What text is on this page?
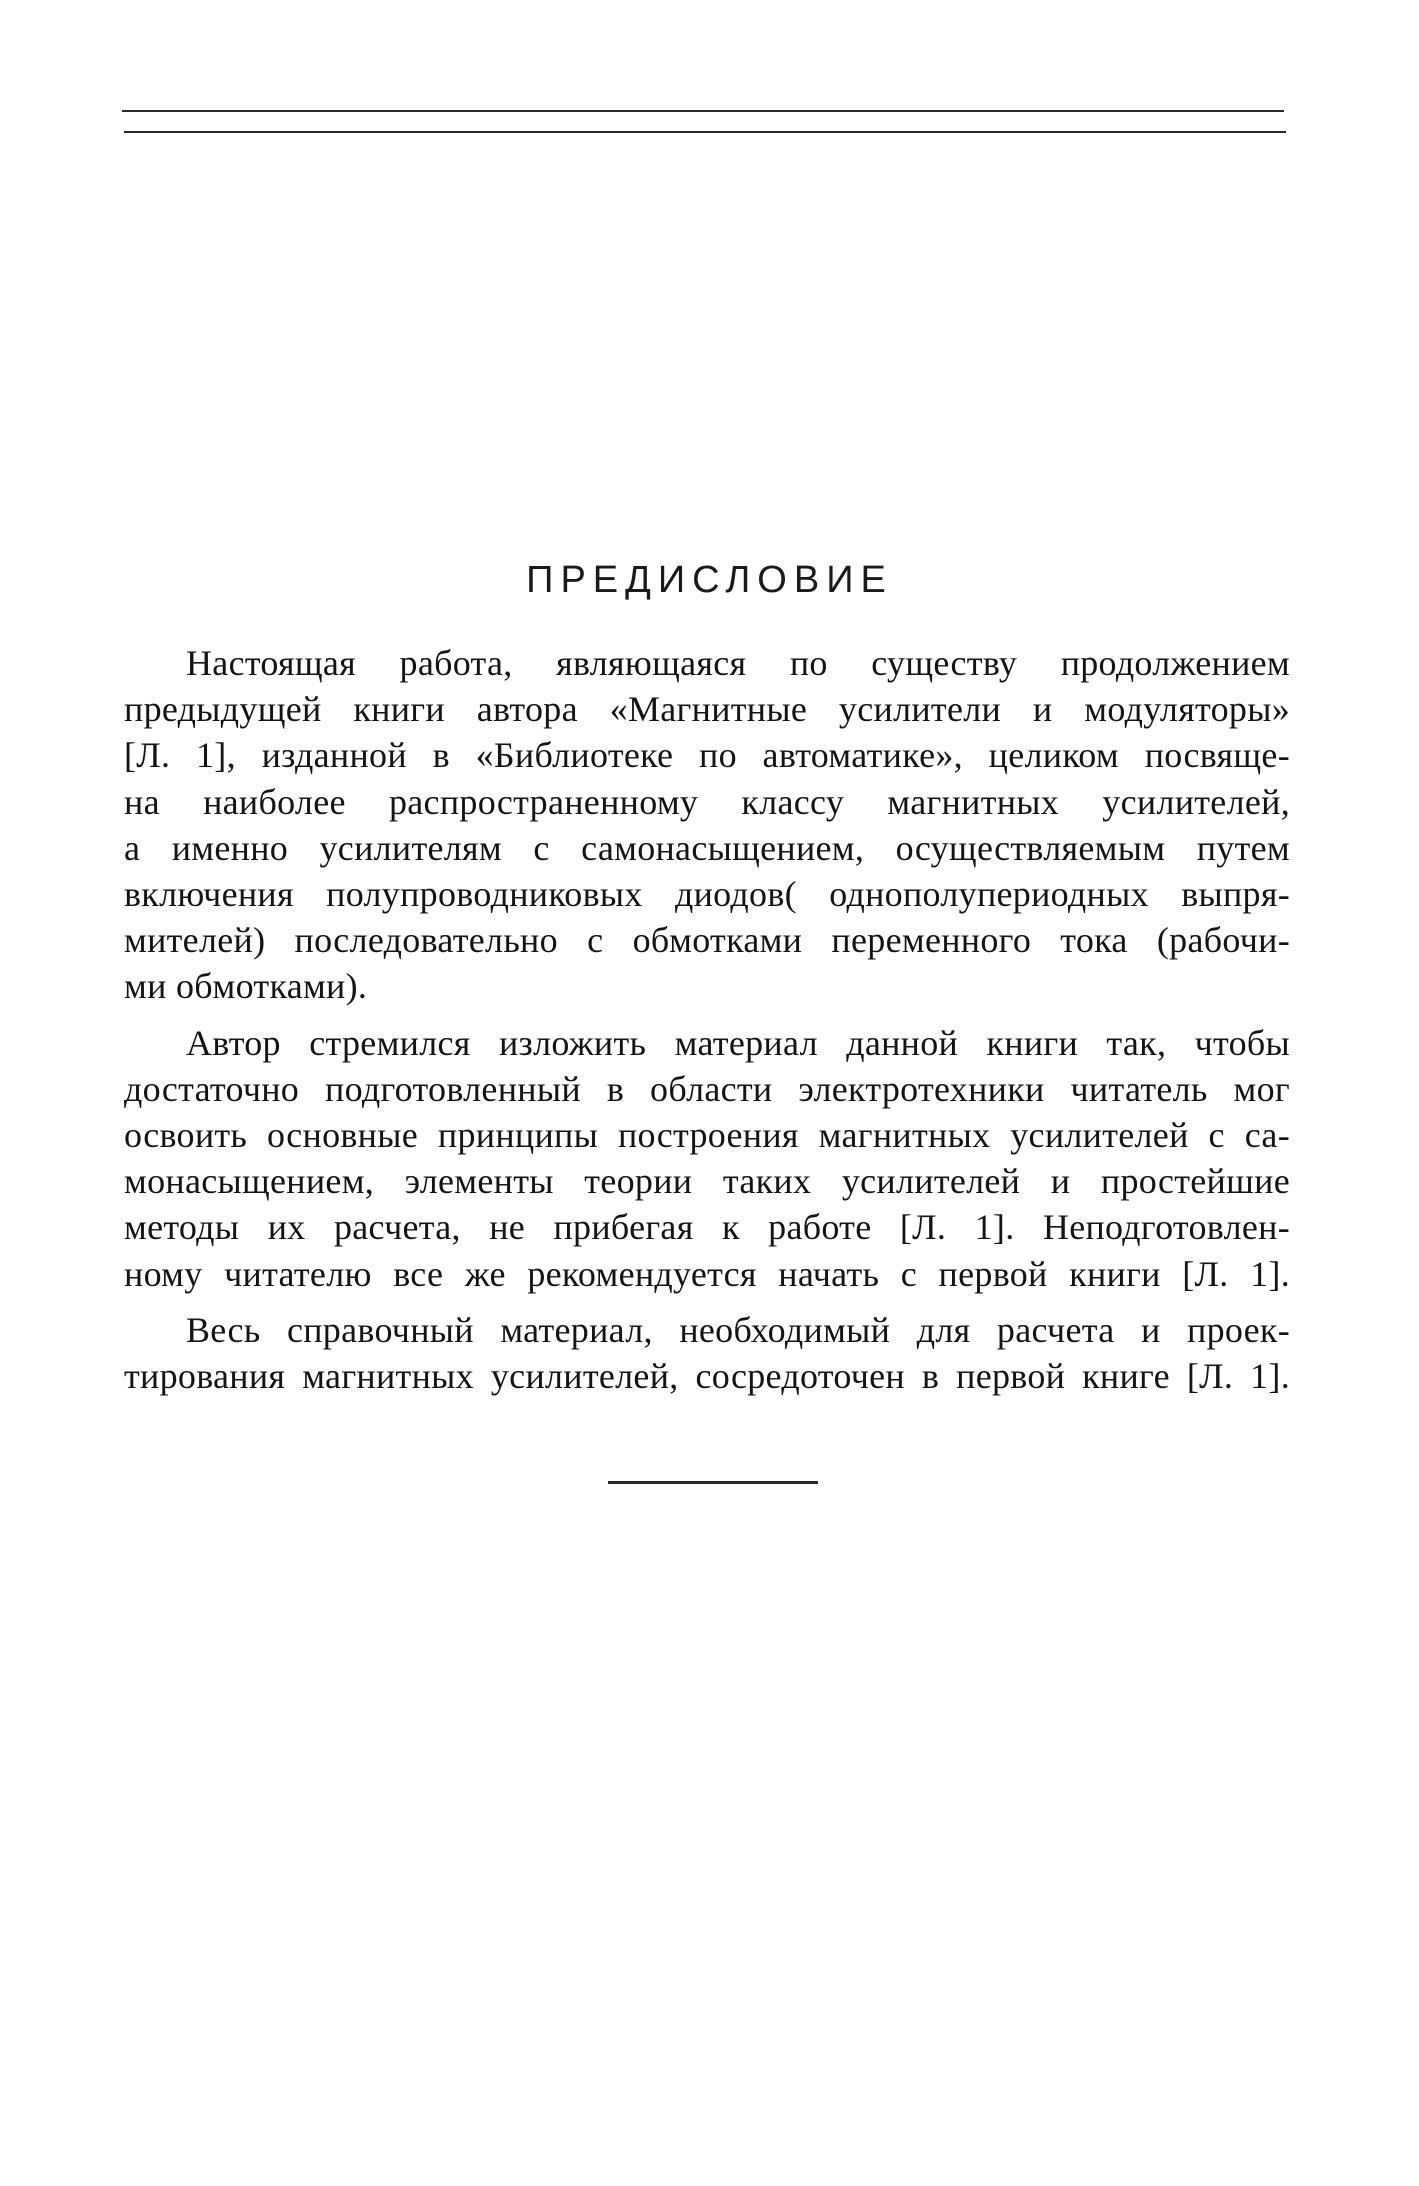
ПРЕДИСЛОВИЕ
Настоящая работа, являющаяся по существу продолжением
предыдущей книги автора «Магнитные усилители и модуляторы»
[Л. 1], изданной в «Библиотеке по автоматике», целиком посвяще-
на наиболее распространенному классу магнитных усилителей,
а именно усилителям с самонасыщением, осуществляемым путем
включения полупроводниковых диодов( однополупериодных выпря-
мителей) последовательно с обмотками переменного тока (рабочи-
ми обмотками).
Автор стремился изложить материал данной книги так, чтобы
достаточно подготовленный в области электротехники читатель мог
освоить основные принципы построения магнитных усилителей с са-
монасыщением, элементы теории таких усилителей и простейшие
методы их расчета, не прибегая к работе [Л. 1]. Неподготовлен-
ному читателю все же рекомендуется начать с первой книги [Л. 1].
Весь справочный материал, необходимый для расчета и проек-
тирования магнитных усилителей, сосредоточен в первой книге [Л. 1].
